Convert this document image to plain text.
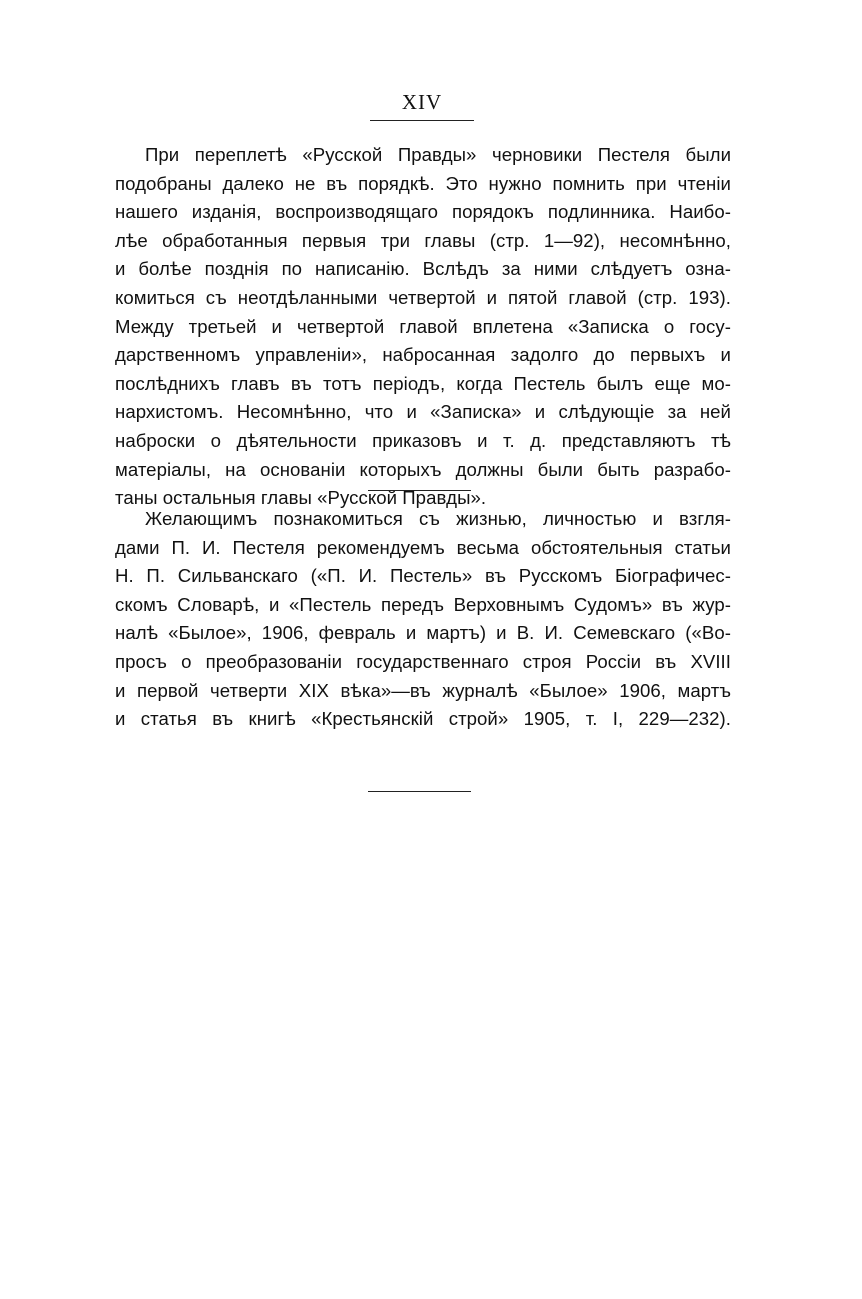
XIV
При переплетѣ «Русской Правды» черновики Пестеля были
подобраны далеко не въ порядкѣ. Это нужно помнить при чтеніи
нашего изданія, воспроизводящаго порядокъ подлинника. Наибо-
лѣе обработанныя первыя три главы (стр. 1—92), несомнѣнно,
и болѣе позднія по написанію. Вслѣдъ за ними слѣдуетъ озна-
комиться съ неотдѣланными четвертой и пятой главой (стр. 193).
Между третьей и четвертой главой вплетена «Записка о госу-
дарственномъ управленіи», набросанная задолго до первыхъ и
послѣднихъ главъ въ тотъ періодъ, когда Пестель былъ еще мо-
нархистомъ. Несомнѣнно, что и «Записка» и слѣдующіе за ней
наброски о дѣятельности приказовъ и т. д. представляютъ тѣ
матеріалы, на основаніи которыхъ должны были быть разрабо-
таны остальныя главы «Русской Правды».
Желающимъ познакомиться съ жизнью, личностью и взгля-
дами П. И. Пестеля рекомендуемъ весьма обстоятельныя статьи
Н. П. Сильванскаго («П. И. Пестель» въ Русскомъ Біографичес-
скомъ Словарѣ, и «Пестель передъ Верховнымъ Судомъ» въ жур-
налѣ «Былое», 1906, февраль и мартъ) и В. И. Семевскаго («Во-
просъ о преобразованіи государственнаго строя Россіи въ XVIII
и первой четверти XIX вѣка»—въ журналѣ «Былое» 1906, мартъ
и статья въ книгѣ «Крестьянскій строй» 1905, т. I, 229—232).
